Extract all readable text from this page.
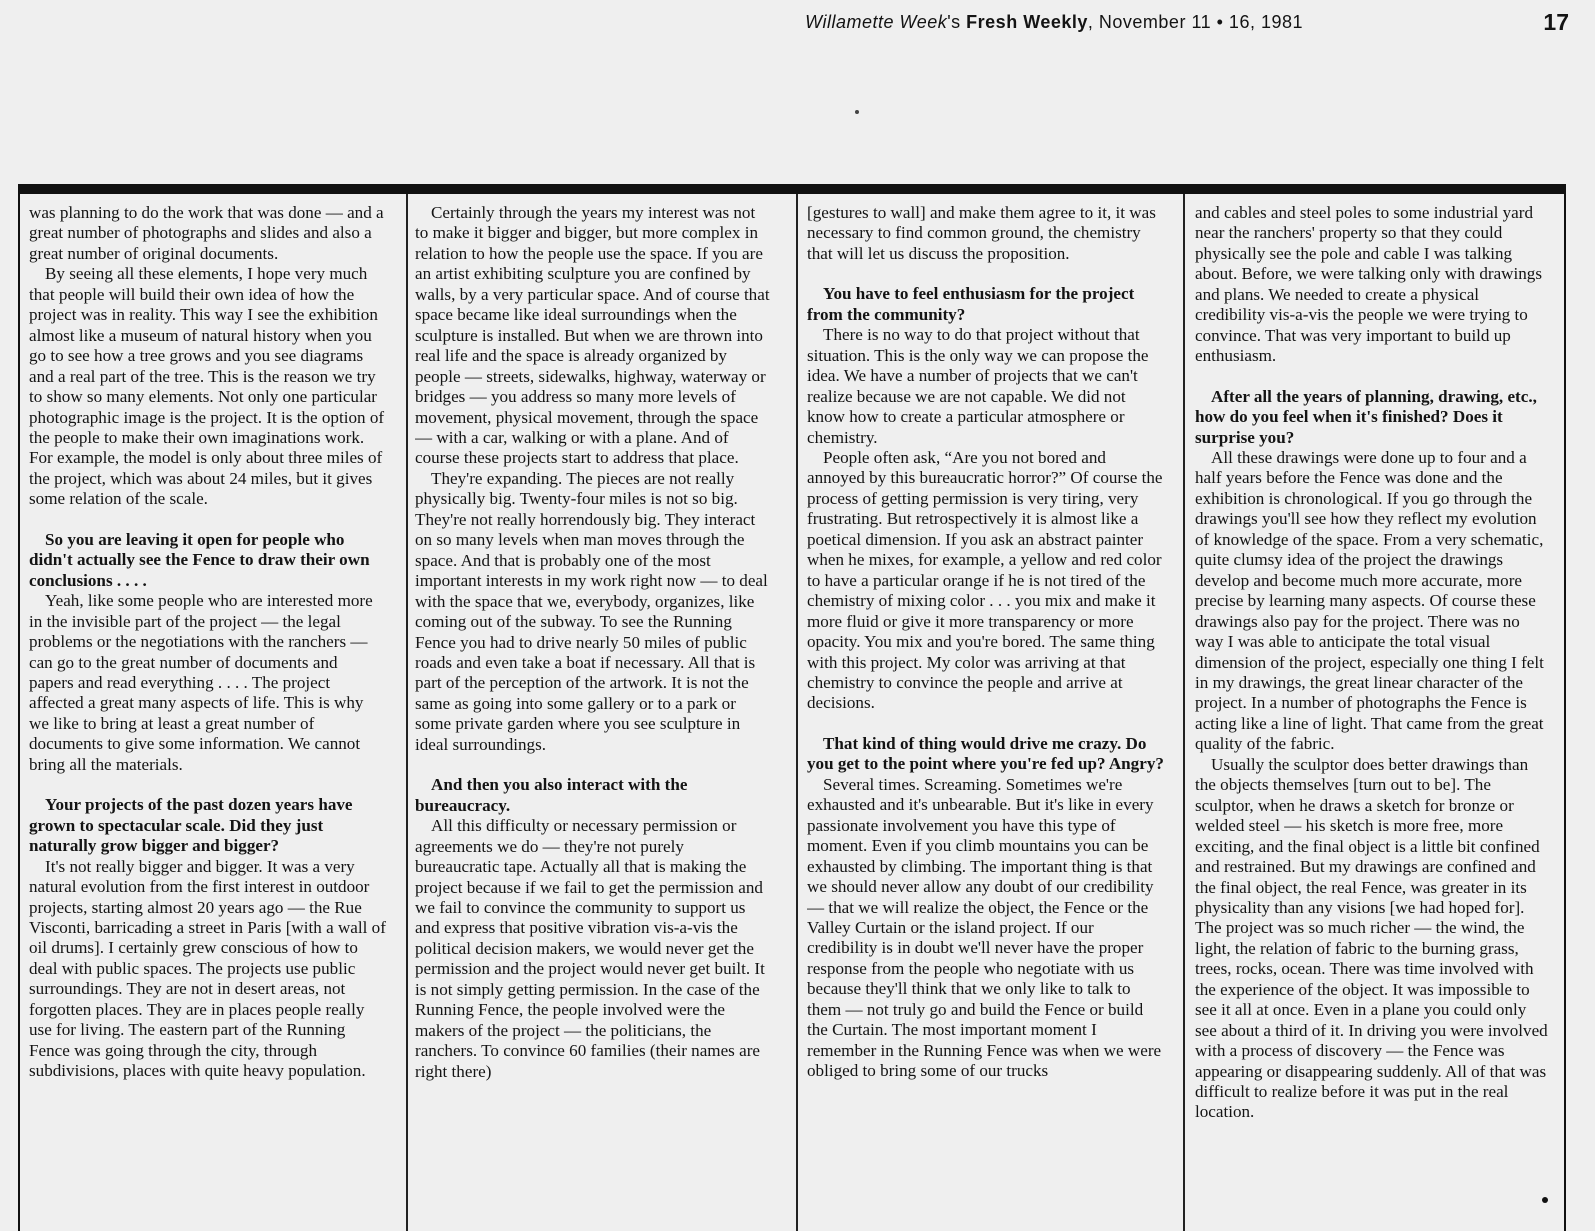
Willamette Week's Fresh Weekly, November 11 • 16, 1981	17

was planning to do the work that was done — and a great number of photographs and slides and also a great number of original documents.

By seeing all these elements, I hope very much that people will build their own idea of how the project was in reality. This way I see the exhibition almost like a museum of natural history when you go to see how a tree grows and you see diagrams and a real part of the tree. This is the reason we try to show so many elements. Not only one particular photographic image is the project. It is the option of the people to make their own imaginations work. For example, the model is only about three miles of the project, which was about 24 miles, but it gives some relation of the scale.

So you are leaving it open for people who didn't actually see the Fence to draw their own conclusions . . . .

Yeah, like some people who are interested more in the invisible part of the project — the legal problems or the negotiations with the ranchers — can go to the great number of documents and papers and read everything . . . . The project affected a great many aspects of life. This is why we like to bring at least a great number of documents to give some information. We cannot bring all the materials.

Your projects of the past dozen years have grown to spectacular scale. Did they just naturally grow bigger and bigger?

It's not really bigger and bigger. It was a very natural evolution from the first interest in outdoor projects, starting almost 20 years ago — the Rue Visconti, barricading a street in Paris [with a wall of oil drums]. I certainly grew conscious of how to deal with public spaces. The projects use public surroundings. They are not in desert areas, not forgotten places. They are in places people really use for living. The eastern part of the Running Fence was going through the city, through subdivisions, places with quite heavy population.

Certainly through the years my interest was not to make it bigger and bigger, but more complex in relation to how the people use the space. If you are an artist exhibiting sculpture you are confined by walls, by a very particular space. And of course that space became like ideal surroundings when the sculpture is installed. But when we are thrown into real life and the space is already organized by people — streets, sidewalks, highway, waterway or bridges — you address so many more levels of movement, physical movement, through the space — with a car, walking or with a plane. And of course these projects start to address that place.

They're expanding. The pieces are not really physically big. Twenty-four miles is not so big. They're not really horrendously big. They interact on so many levels when man moves through the space. And that is probably one of the most important interests in my work right now — to deal with the space that we, everybody, organizes, like coming out of the subway. To see the Running Fence you had to drive nearly 50 miles of public roads and even take a boat if necessary. All that is part of the perception of the artwork. It is not the same as going into some gallery or to a park or some private garden where you see sculpture in ideal surroundings.

And then you also interact with the bureaucracy.

All this difficulty or necessary permission or agreements we do — they're not purely bureaucratic tape. Actually all that is making the project because if we fail to get the permission and we fail to convince the community to support us and express that positive vibration vis-a-vis the political decision makers, we would never get the permission and the project would never get built. It is not simply getting permission. In the case of the Running Fence, the people involved were the makers of the project — the politicians, the ranchers. To convince 60 families (their names are right there)

[gestures to wall] and make them agree to it, it was necessary to find common ground, the chemistry that will let us discuss the proposition.

You have to feel enthusiasm for the project from the community?

There is no way to do that project without that situation. This is the only way we can propose the idea. We have a number of projects that we can't realize because we are not capable. We did not know how to create a particular atmosphere or chemistry.

People often ask, “Are you not bored and annoyed by this bureaucratic horror?” Of course the process of getting permission is very tiring, very frustrating. But retrospectively it is almost like a poetical dimension. If you ask an abstract painter when he mixes, for example, a yellow and red color to have a particular orange if he is not tired of the chemistry of mixing color . . . you mix and make it more fluid or give it more transparency or more opacity. You mix and you're bored. The same thing with this project. My color was arriving at that chemistry to convince the people and arrive at decisions.

That kind of thing would drive me crazy. Do you get to the point where you're fed up? Angry?

Several times. Screaming. Sometimes we're exhausted and it's unbearable. But it's like in every passionate involvement you have this type of moment. Even if you climb mountains you can be exhausted by climbing. The important thing is that we should never allow any doubt of our credibility — that we will realize the object, the Fence or the Valley Curtain or the island project. If our credibility is in doubt we'll never have the proper response from the people who negotiate with us because they'll think that we only like to talk to them — not truly go and build the Fence or build the Curtain. The most important moment I remember in the Running Fence was when we were obliged to bring some of our trucks

and cables and steel poles to some industrial yard near the ranchers' property so that they could physically see the pole and cable I was talking about. Before, we were talking only with drawings and plans. We needed to create a physical credibility vis-a-vis the people we were trying to convince. That was very important to build up enthusiasm.

After all the years of planning, drawing, etc., how do you feel when it's finished? Does it surprise you?

All these drawings were done up to four and a half years before the Fence was done and the exhibition is chronological. If you go through the drawings you'll see how they reflect my evolution of knowledge of the space. From a very schematic, quite clumsy idea of the project the drawings develop and become much more accurate, more precise by learning many aspects. Of course these drawings also pay for the project. There was no way I was able to anticipate the total visual dimension of the project, especially one thing I felt in my drawings, the great linear character of the project. In a number of photographs the Fence is acting like a line of light. That came from the great quality of the fabric.

Usually the sculptor does better drawings than the objects themselves [turn out to be]. The sculptor, when he draws a sketch for bronze or welded steel — his sketch is more free, more exciting, and the final object is a little bit confined and restrained. But my drawings are confined and the final object, the real Fence, was greater in its physicality than any visions [we had hoped for]. The project was so much richer — the wind, the light, the relation of fabric to the burning grass, trees, rocks, ocean. There was time involved with the experience of the object. It was impossible to see it all at once. Even in a plane you could only see about a third of it. In driving you were involved with a process of discovery — the Fence was appearing or disappearing suddenly. All of that was difficult to realize before it was put in the real location.
